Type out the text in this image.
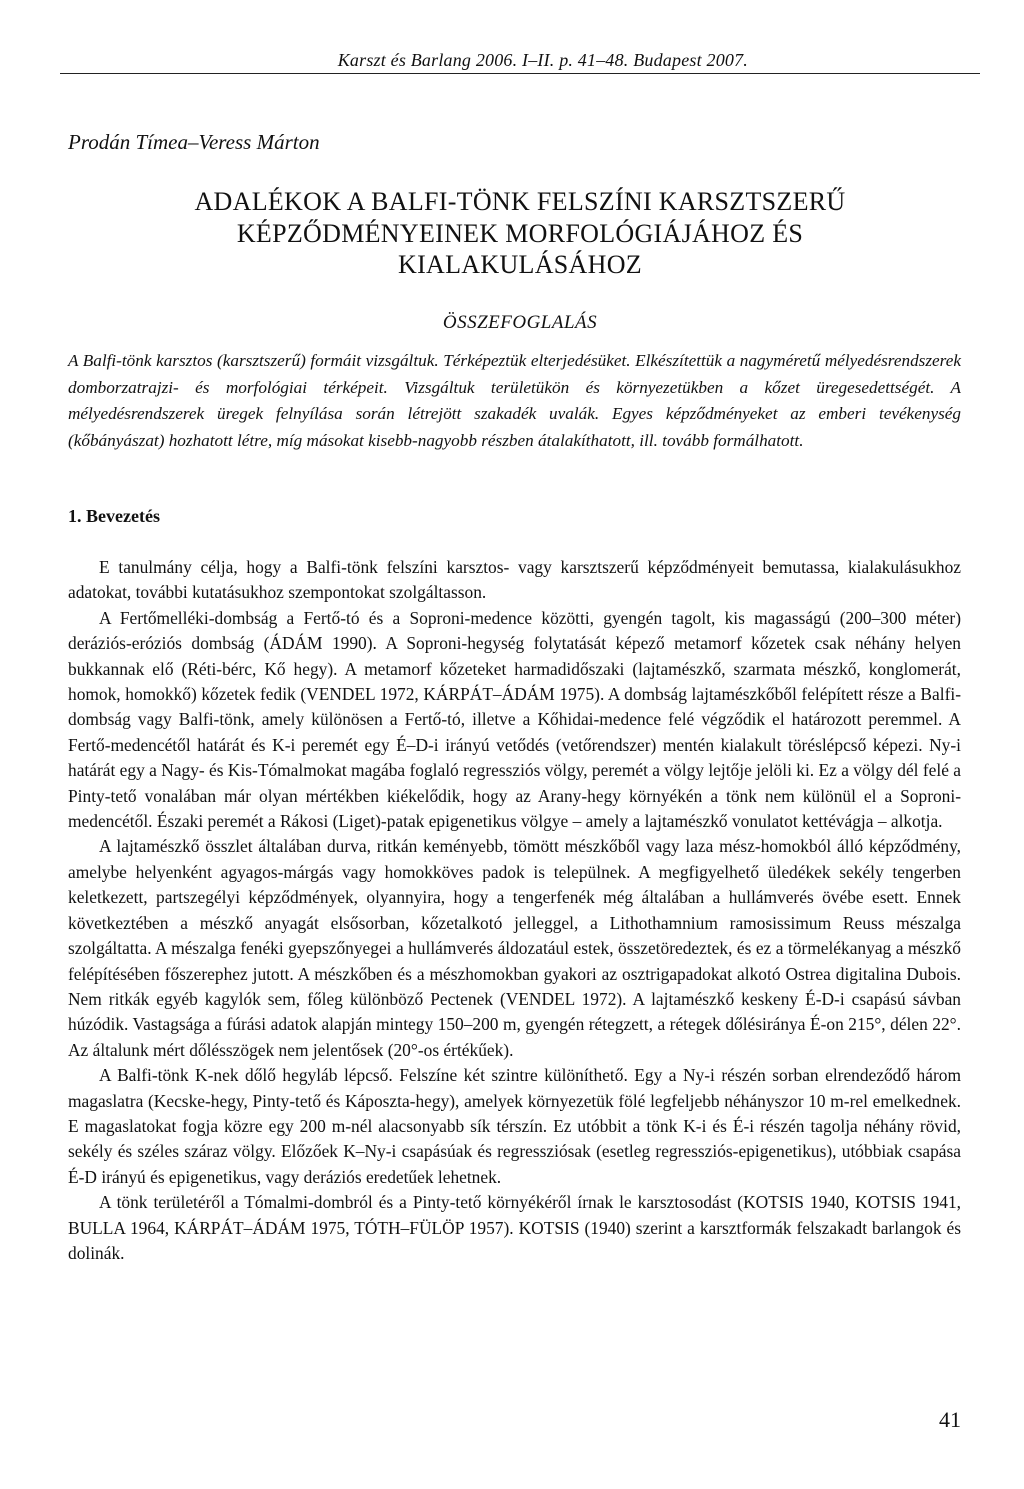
Karszt és Barlang 2006. I–II. p. 41–48. Budapest 2007.
Prodán Tímea–Veress Márton
ADALÉKOK A BALFI-TÖNK FELSZÍNI KARSZTSZERŰ
KÉPZŐDMÉNYEINEK MORFOLÓGIÁJÁHOZ ÉS
KIALAKULÁSÁHOZ
ÖSSZEFOGLALÁS
A Balfi-tönk karsztos (karsztszerű) formáit vizsgáltuk. Térképeztük elterjedésüket. Elkészítettük a nagyméretű mélyedésrendszerek domborzatrajzi- és morfológiai térképeit. Vizsgáltuk területükön és környezetükben a kőzet üregesedettségét. A mélyedésrendszerek üregek felnyílása során létrejött szakadék uvalák. Egyes képződményeket az emberi tevékenység (kőbányászat) hozhatott létre, míg másokat kisebb-nagyobb részben átalakíthatott, ill. tovább formálhatott.
1. Bevezetés

E tanulmány célja, hogy a Balfi-tönk felszíni karsztos- vagy karsztszerű képződményeit bemutassa, kialakulásukhoz adatokat, további kutatásukhoz szempontokat szolgáltasson.

A Fertőmelléki-dombság a Fertő-tó és a Soproni-medence közötti, gyengén tagolt, kis magasságú (200–300 méter) deráziós-eróziós dombság (ÁDÁM 1990). A Soproni-hegység folytatását képező metamorf kőzetek csak néhány helyen bukkannak elő (Réti-bérc, Kő hegy). A metamorf kőzeteket harmadidőszaki (lajtamészkő, szarmata mészkő, konglomerát, homok, homokkő) kőzetek fedik (VENDEL 1972, KÁRPÁT–ÁDÁM 1975). A dombság lajtamészkőből felépített része a Balfi-dombság vagy Balfi-tönk, amely különösen a Fertő-tó, illetve a Kőhidai-medence felé végződik el határozott peremmel. A Fertő-medencétől határát és K-i peremét egy É–D-i irányú vetődés (vetőrendszer) mentén kialakult töréslépcső képezi. Ny-i határát egy a Nagy- és Kis-Tómalmokat magába foglaló regressziós völgy, peremét a völgy lejtője jelöli ki. Ez a völgy dél felé a Pinty-tető vonalában már olyan mértékben kiékelődik, hogy az Arany-hegy környékén a tönk nem különül el a Soproni-medencétől. Északi peremét a Rákosi (Liget)-patak epigenetikus völgye – amely a lajtamészkő vonulatot kettévágja – alkotja.

A lajtamészkő összlet általában durva, ritkán keményebb, tömött mészkőből vagy laza mész-homokból álló képződmény, amelybe helyenként agyagos-márgás vagy homokköves padok is települnek. A megfigyelhető üledékek sekély tengerben keletkezett, partszegélyi képződmények, olyannyira, hogy a tengerfenék még általában a hullámverés övébe esett. Ennek következtében a mészkő anyagát elsősorban, kőzetalkotó jelleggel, a Lithothamnium ramosissimum Reuss mészalga szolgáltatta. A mészalga fenéki gyepszőnyegei a hullámverés áldozatául estek, összetöredeztek, és ez a törmelékanyag a mészkő felépítésében főszerephez jutott. A mészkőben és a mészhomokban gyakori az osztrigapadokat alkotó Ostrea digitalina Dubois. Nem ritkák egyéb kagylók sem, főleg különböző Pectenek (VENDEL 1972). A lajtamészkő keskeny É-D-i csapású sávban húzódik. Vastagsága a fúrási adatok alapján mintegy 150–200 m, gyengén rétegzett, a rétegek dőlésiránya É-on 215°, délen 22°. Az általunk mért dőlésszögek nem jelentősek (20°-os értékűek).

A Balfi-tönk K-nek dőlő hegyláb lépcső. Felszíne két szintre különíthető. Egy a Ny-i részén sorban elrendeződő három magaslatra (Kecske-hegy, Pinty-tető és Káposzta-hegy), amelyek környezetük fölé legfeljebb néhányszor 10 m-rel emelkednek. E magaslatokat fogja közre egy 200 m-nél alacsonyabb sík térszín. Ez utóbbit a tönk K-i és É-i részén tagolja néhány rövid, sekély és széles száraz völgy. Előzőek K–Ny-i csapásúak és regressziósak (esetleg regressziós-epigenetikus), utóbbiak csapása É-D irányú és epigenetikus, vagy deráziós eredetűek lehetnek.

A tönk területéről a Tómalmi-dombról és a Pinty-tető környékéről írnak le karsztosodást (KOTSIS 1940, KOTSIS 1941, BULLA 1964, KÁRPÁT–ÁDÁM 1975, TÓTH–FÜLÖP 1957). KOTSIS (1940) szerint a karsztformák felszakadt barlangok és dolinák.

41
